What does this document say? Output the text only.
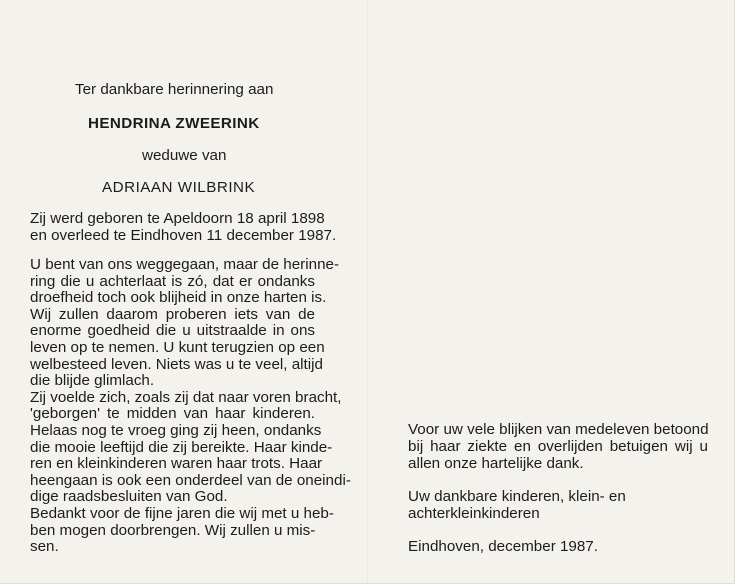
Ter dankbare herinnering aan
HENDRINA ZWEERINK
weduwe van
ADRIAAN WILBRINK
Zij werd geboren te Apeldoorn 18 april 1898
en overleed te Eindhoven 11 december 1987.
U bent van ons weggegaan, maar de herinne-
ring die u achterlaat is zó, dat er ondanks
droefheid toch ook blijheid in onze harten is.
Wij zullen daarom proberen iets van de
enorme goedheid die u uitstraalde in ons
leven op te nemen. U kunt terugzien op een
welbesteed leven. Niets was u te veel, altijd
die blijde glimlach.
Zij voelde zich, zoals zij dat naar voren bracht,
'geborgen' te midden van haar kinderen.
Helaas nog te vroeg ging zij heen, ondanks
die mooie leeftijd die zij bereikte. Haar kinde-
ren en kleinkinderen waren haar trots. Haar
heengaan is ook een onderdeel van de oneindi-
dige raadsbesluiten van God.
Bedankt voor de fijne jaren die wij met u heb-
ben mogen doorbrengen. Wij zullen u mis-
sen.
Voor uw vele blijken van medeleven betoond
bij haar ziekte en overlijden betuigen wij u
allen onze hartelijke dank.
Uw dankbare kinderen, klein- en
achterkleinkinderen
Eindhoven, december 1987.
